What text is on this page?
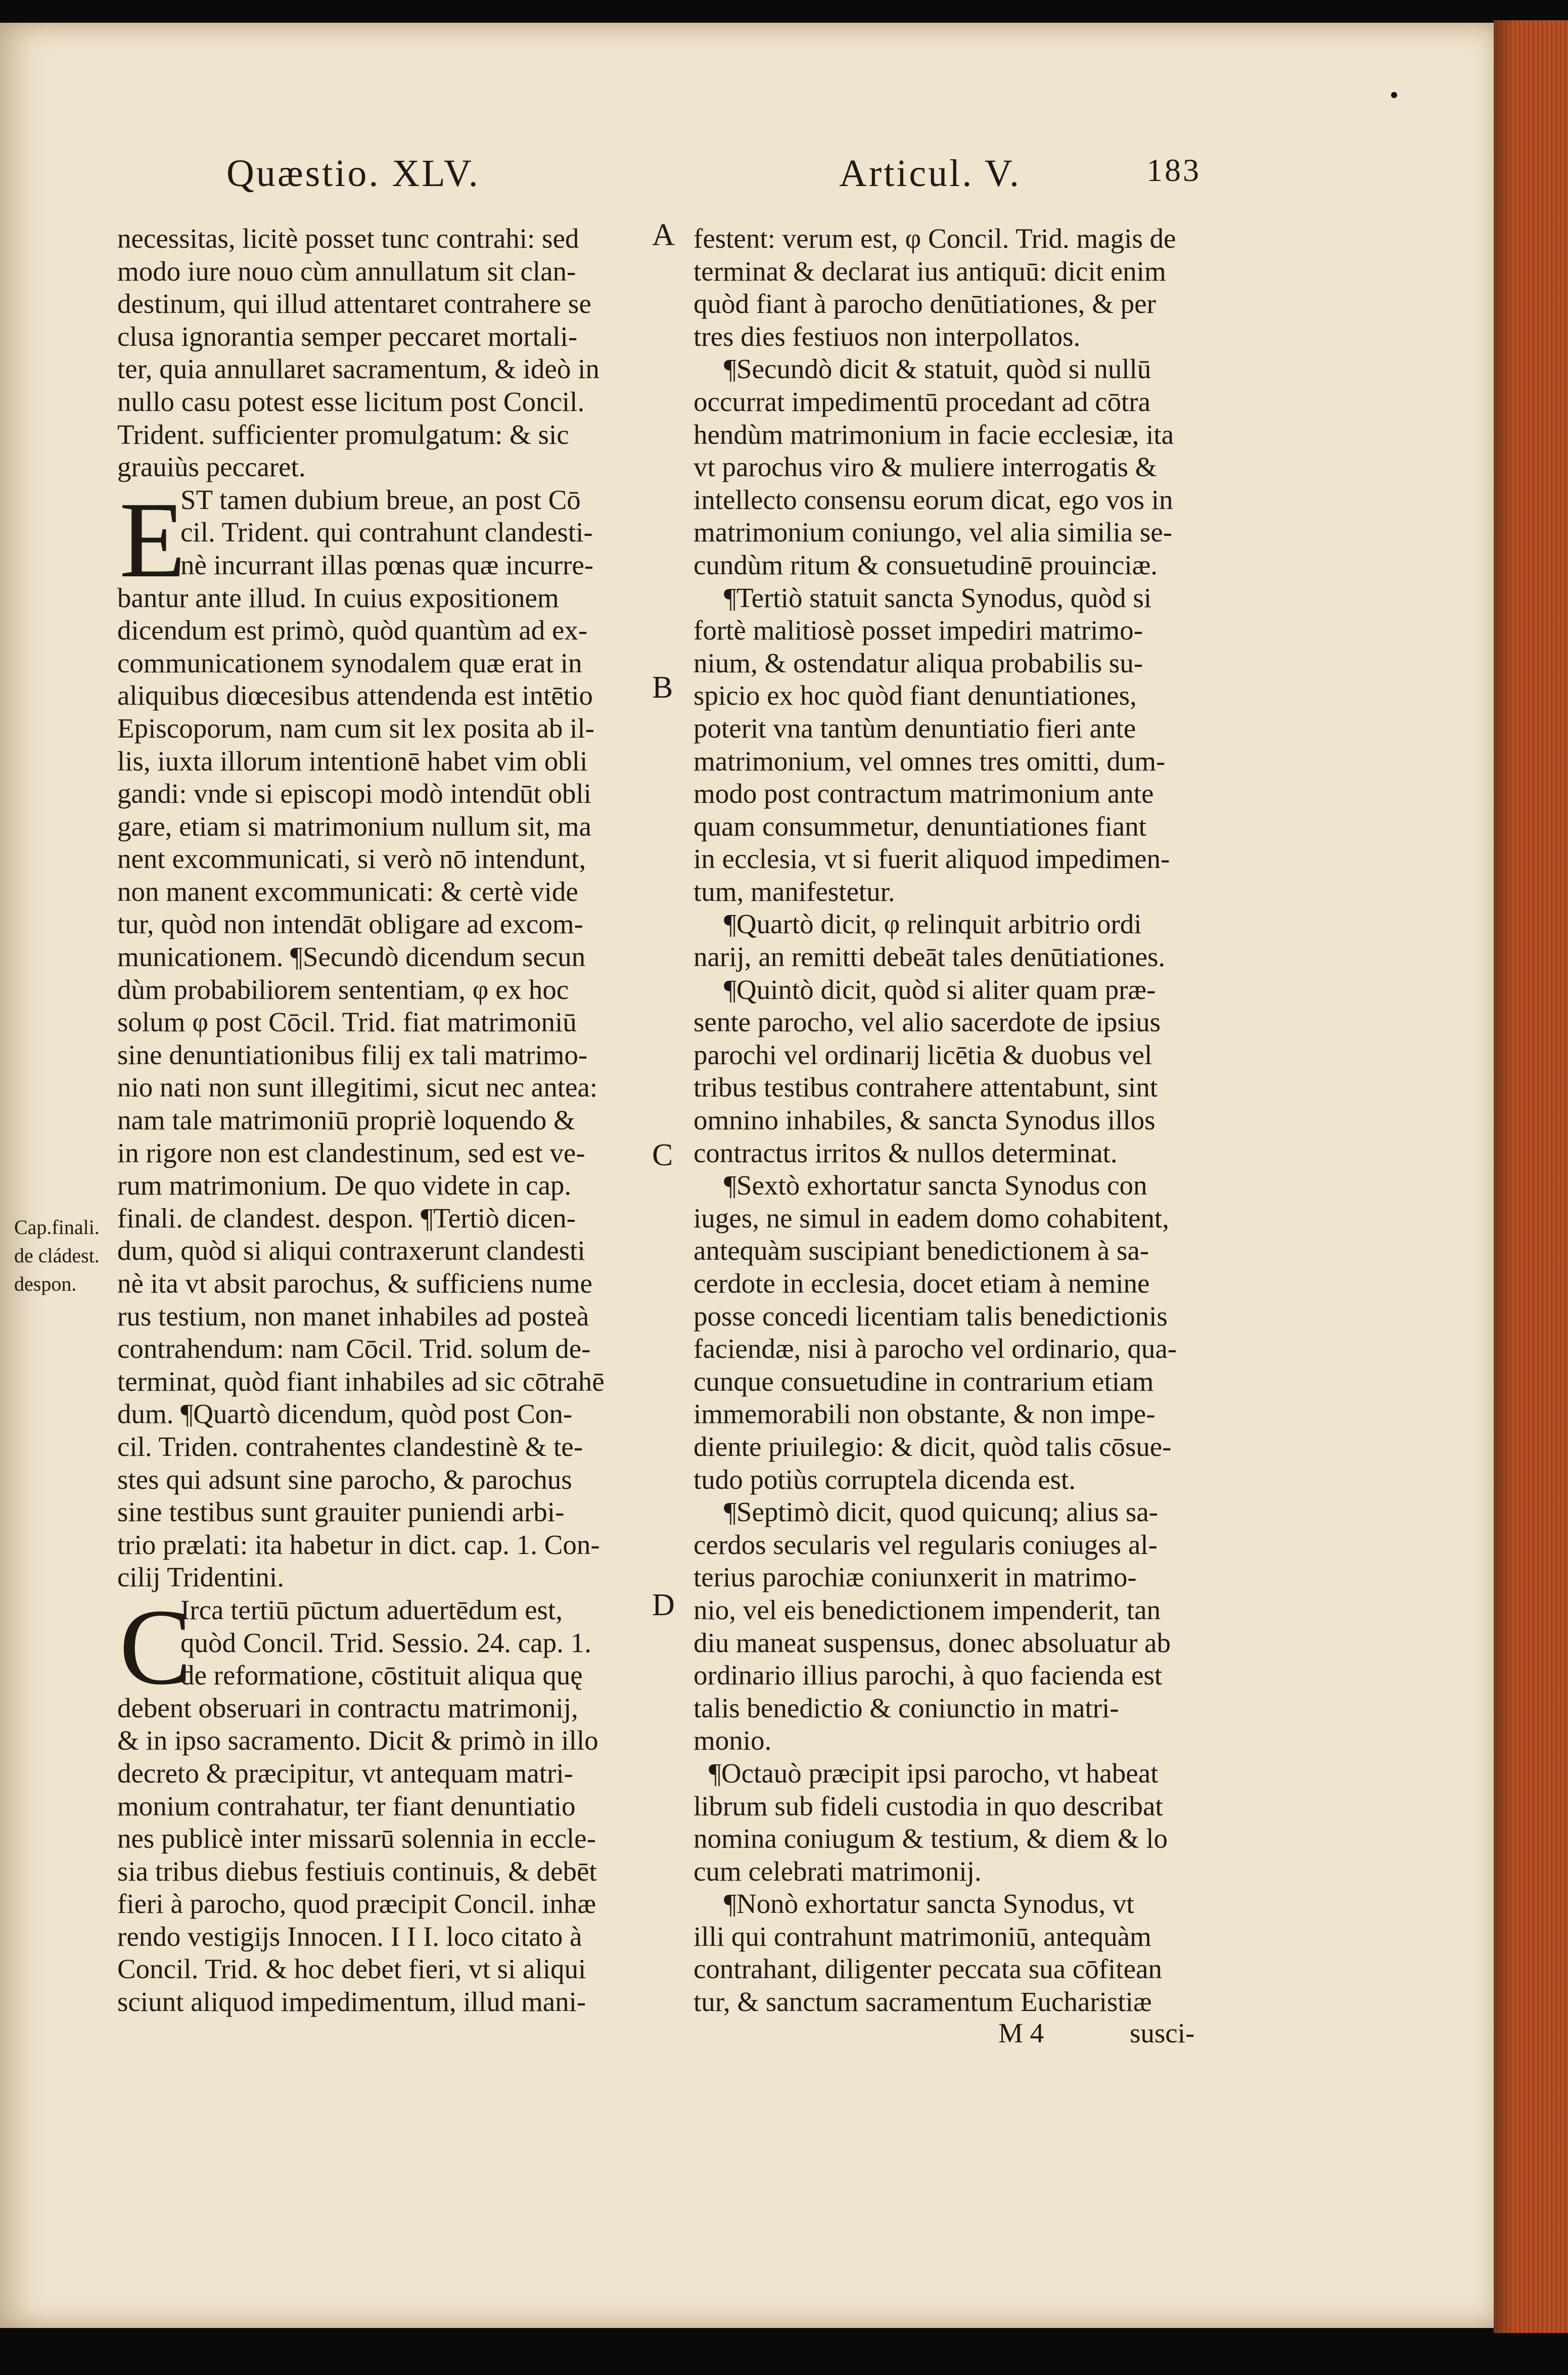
Quæstio. XLV.	Articul. V.	183
A
B
C
D
Cap.finali.
de cládest.
despon.
E
C
necessitas, licitè posset tunc contrahi: sed
modo iure nouo cùm annullatum sit clan-
destinum, qui illud attentaret contrahere se
clusa ignorantia semper peccaret mortali-
ter, quia annullaret sacramentum, & ideò in
nullo casu potest esse licitum post Concil.
Trident. sufficienter promulgatum: & sic
grauiùs peccaret.
ST tamen dubium breue, an post Cō
cil. Trident. qui contrahunt clandesti-
nè incurrant illas pœnas quæ incurre-
bantur ante illud. In cuius expositionem
dicendum est primò, quòd quantùm ad ex-
communicationem synodalem quæ erat in
aliquibus diœcesibus attendenda est intētio
Episcoporum, nam cum sit lex posita ab il-
lis, iuxta illorum intentionē habet vim obli
gandi: vnde si episcopi modò intendūt obli
gare, etiam si matrimonium nullum sit, ma
nent excommunicati, si verò nō intendunt,
non manent excommunicati: & certè vide
tur, quòd non intendāt obligare ad excom-
municationem. ¶Secundò dicendum secun
dùm probabiliorem sententiam, φ ex hoc
solum φ post Cōcil. Trid. fiat matrimoniū
sine denuntiationibus filij ex tali matrimo-
nio nati non sunt illegitimi, sicut nec antea:
nam tale matrimoniū propriè loquendo &
in rigore non est clandestinum, sed est ve-
rum matrimonium. De quo videte in cap.
finali. de clandest. despon. ¶Tertiò dicen-
dum, quòd si aliqui contraxerunt clandesti
nè ita vt absit parochus, & sufficiens nume
rus testium, non manet inhabiles ad posteà
contrahendum: nam Cōcil. Trid. solum de-
terminat, quòd fiant inhabiles ad sic cōtrahē
dum. ¶Quartò dicendum, quòd post Con-
cil. Triden. contrahentes clandestinè & te-
stes qui adsunt sine parocho, & parochus
sine testibus sunt grauiter puniendi arbi-
trio prælati: ita habetur in dict. cap. 1. Con-
cilij Tridentini.
Irca tertiū pūctum aduertēdum est,
quòd Concil. Trid. Sessio. 24. cap. 1.
de reformatione, cōstituit aliqua quę
debent obseruari in contractu matrimonij,
& in ipso sacramento. Dicit & primò in illo
decreto & præcipitur, vt antequam matri-
monium contrahatur, ter fiant denuntiatio
nes publicè inter missarū solennia in eccle-
sia tribus diebus festiuis continuis, & debēt
fieri à parocho, quod præcipit Concil. inhæ
rendo vestigijs Innocen. I I I. loco citato à
Concil. Trid. & hoc debet fieri, vt si aliqui
sciunt aliquod impedimentum, illud mani-
festent: verum est, φ Concil. Trid. magis de
terminat & declarat ius antiquū: dicit enim
quòd fiant à parocho denūtiationes, & per
tres dies festiuos non interpollatos.
¶Secundò dicit & statuit, quòd si nullū
occurrat impedimentū procedant ad cōtra
hendùm matrimonium in facie ecclesiæ, ita
vt parochus viro & muliere interrogatis &
intellecto consensu eorum dicat, ego vos in
matrimonium coniungo, vel alia similia se-
cundùm ritum & consuetudinē prouinciæ.
¶Tertiò statuit sancta Synodus, quòd si
fortè malitiosè posset impediri matrimo-
nium, & ostendatur aliqua probabilis su-
spicio ex hoc quòd fiant denuntiationes,
poterit vna tantùm denuntiatio fieri ante
matrimonium, vel omnes tres omitti, dum-
modo post contractum matrimonium ante
quam consummetur, denuntiationes fiant
in ecclesia, vt si fuerit aliquod impedimen-
tum, manifestetur.
¶Quartò dicit, φ relinquit arbitrio ordi
narij, an remitti debeāt tales denūtiationes.
¶Quintò dicit, quòd si aliter quam præ-
sente parocho, vel alio sacerdote de ipsius
parochi vel ordinarij licētia & duobus vel
tribus testibus contrahere attentabunt, sint
omnino inhabiles, & sancta Synodus illos
contractus irritos & nullos determinat.
¶Sextò exhortatur sancta Synodus con
iuges, ne simul in eadem domo cohabitent,
antequàm suscipiant benedictionem à sa-
cerdote in ecclesia, docet etiam à nemine
posse concedi licentiam talis benedictionis
faciendæ, nisi à parocho vel ordinario, qua-
cunque consuetudine in contrarium etiam
immemorabili non obstante, & non impe-
diente priuilegio: & dicit, quòd talis cōsue-
tudo potiùs corruptela dicenda est.
¶Septimò dicit, quod quicunq; alius sa-
cerdos secularis vel regularis coniuges al-
terius parochiæ coniunxerit in matrimo-
nio, vel eis benedictionem impenderit, tan
diu maneat suspensus, donec absoluatur ab
ordinario illius parochi, à quo facienda est
talis benedictio & coniunctio in matri-
monio.
¶Octauò præcipit ipsi parocho, vt habeat
librum sub fideli custodia in quo describat
nomina coniugum & testium, & diem & lo
cum celebrati matrimonij.
¶Nonò exhortatur sancta Synodus, vt
illi qui contrahunt matrimoniū, antequàm
contrahant, diligenter peccata sua cōfitean
tur, & sanctum sacramentum Eucharistiæ
M 4	susci-
